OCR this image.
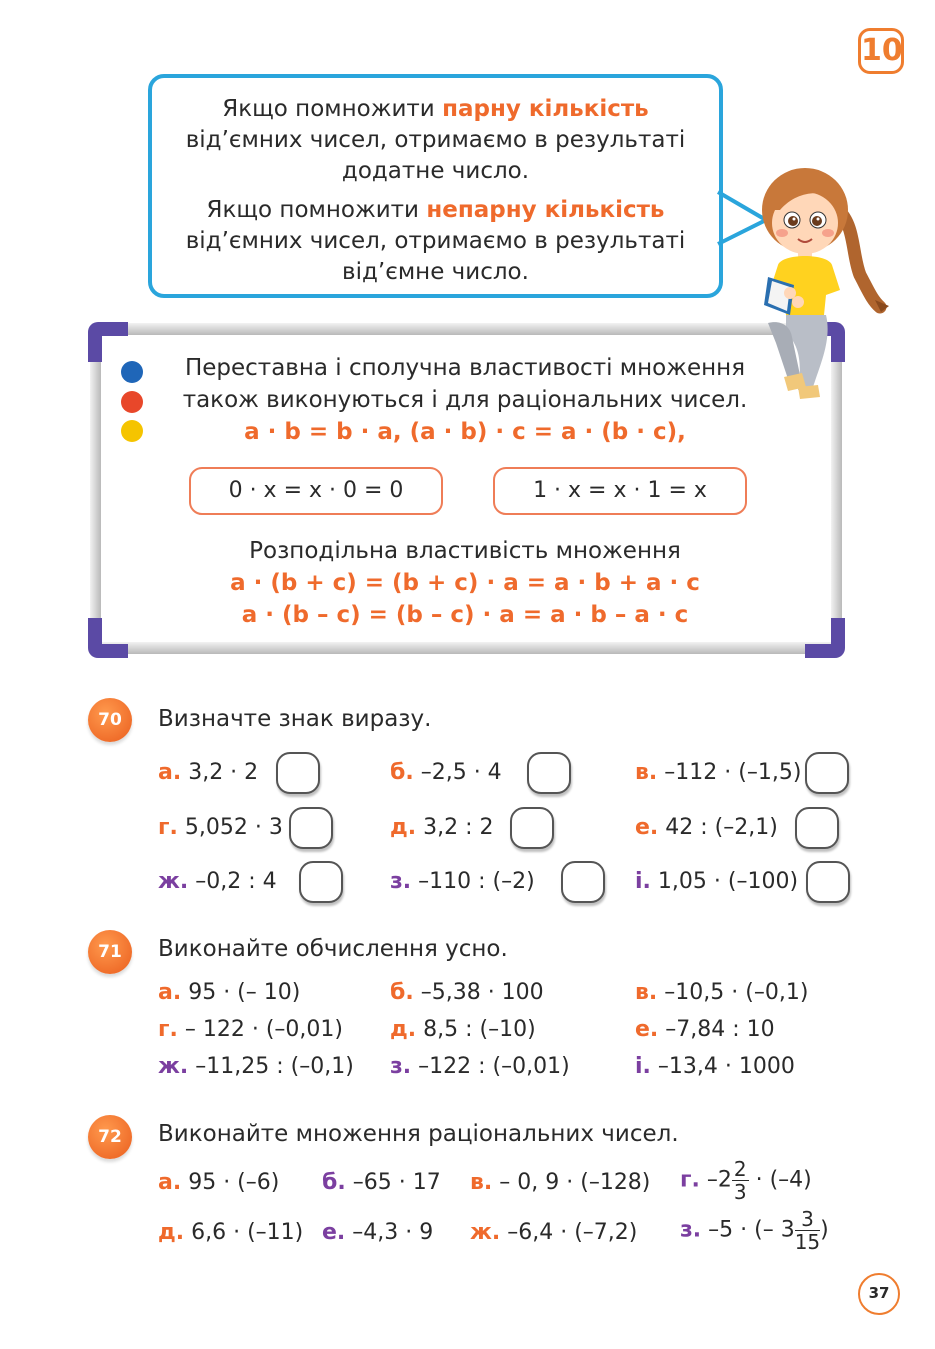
10

Якщо помножити парну кількість
від’ємних чисел, отримаємо в результаті додатне число.

Якщо помножити непарну кількість
від’ємних чисел, отримаємо в результаті від’ємне число.

Переставна і сполучна властивості множення
також виконуються і для раціональних чисел.
a · b = b · a, (a · b) · c = a · (b · c),
0 · x = x · 0 = 0	1 · x = x · 1 = x
Розподільна властивість множення
a · (b + c) = (b + c) · a = a · b + a · c
a · (b – c) = (b – c) · a = a · b – a · c
70	Визначте знак виразу.
а. 3,2 · 2	б. –2,5 · 4	в. –112 · (–1,5)
г. 5,052 · 3	д. 3,2 : 2	е. 42 : (–2,1)
ж. –0,2 : 4	з. –110 : (–2)	і. 1,05 · (–100)
71	Виконайте обчислення усно.
а. 95 · (– 10)	б. –5,38 · 100	в. –10,5 · (–0,1)
г. – 122 · (–0,01) д. 8,5 : (–10)	е. –7,84 : 10
ж. –11,25 : (–0,1) з. –122 : (–0,01)	і. –13,4 · 1000
72	Виконайте множення раціональних чисел.
а. 95 · (–6) б. –65 · 17 в. – 0, 9 · (–128) г. $-2 \frac{2}{3} \cdot (-4)$
д. 6,6 · (–11) е. –4,3 · 9 ж. –6,4 · (–7,2) з. –5 · (– $3 \frac{3}{15}$ )
37
